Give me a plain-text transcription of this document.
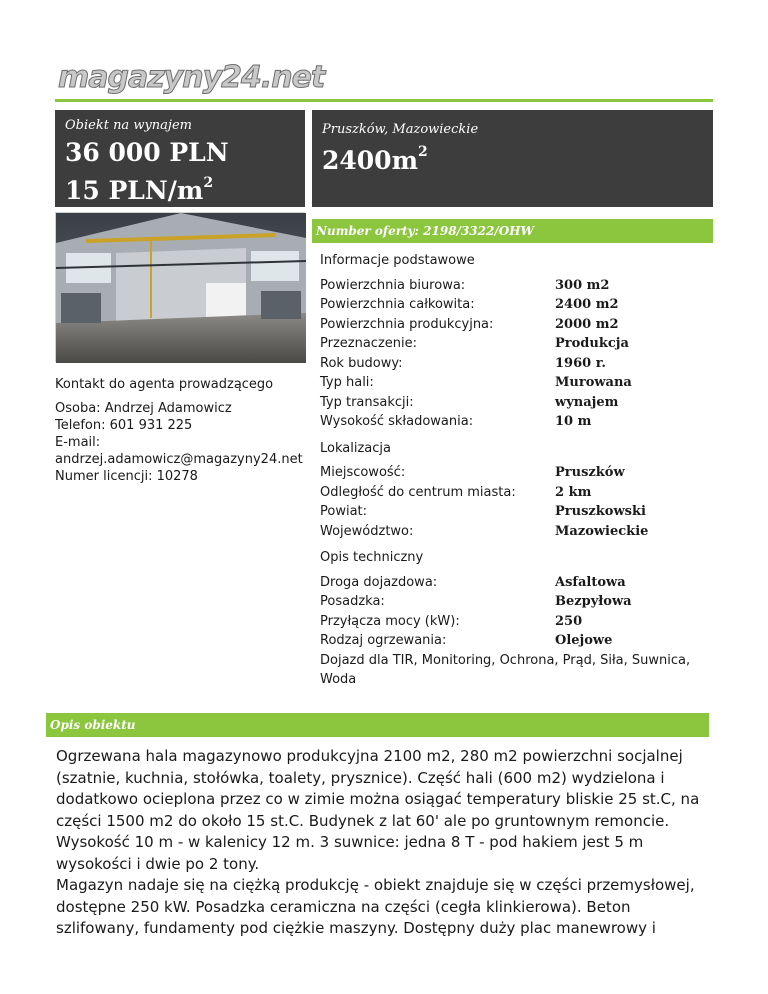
magazyny24.net
Obiekt na wynajem
36 000 PLN
15 PLN/$m^2$
Pruszków, Mazowieckie
$2400m^2$
Kontakt do agenta prowadzącego
Osoba: Andrzej Adamowicz
Telefon: 601 931 225
E-mail:
andrzej.adamowicz@magazyny24.net
Numer licencji: 10278
Number oferty: 2198/3322/OHW
Informacje podstawowe
Powierzchnia biurowa:	300 m2
Powierzchnia całkowita:	2400 m2
Powierzchnia produkcyjna:	2000 m2
Przeznaczenie:	Produkcja
Rok budowy:	1960 r.
Typ hali:	Murowana
Typ transakcji:	wynajem
Wysokość składowania:	10 m
Lokalizacja
Miejscowość:	Pruszków
Odległość do centrum miasta:	2 km
Powiat:	Pruszkowski
Województwo:	Mazowieckie
Opis techniczny
Droga dojazdowa:	Asfaltowa
Posadzka:	Bezpyłowa
Przyłącza mocy (kW):	250
Rodzaj ogrzewania:	Olejowe
Dojazd dla TIR, Monitoring, Ochrona, Prąd, Siła, Suwnica, Woda
Opis obiektu

Ogrzewana hala magazynowo produkcyjna 2100 m2, 280 m2 powierzchni socjalnej (szatnie, kuchnia, stołówka, toalety, prysznice). Część hali (600 m2) wydzielona i dodatkowo ocieplona przez co w zimie można osiągać temperatury bliskie 25 st.C, na części 1500 m2 do około 15 st.C. Budynek z lat 60' ale po gruntownym remoncie. Wysokość 10 m - w kalenicy 12 m. 3 suwnice: jedna 8 T - pod hakiem jest 5 m wysokości i dwie po 2 tony.

Magazyn nadaje się na ciężką produkcję - obiekt znajduje się w części przemysłowej, dostępne 250 kW. Posadzka ceramiczna na części (cegła klinkierowa). Beton szlifowany, fundamenty pod ciężkie maszyny. Dostępny duży plac manewrowy i
